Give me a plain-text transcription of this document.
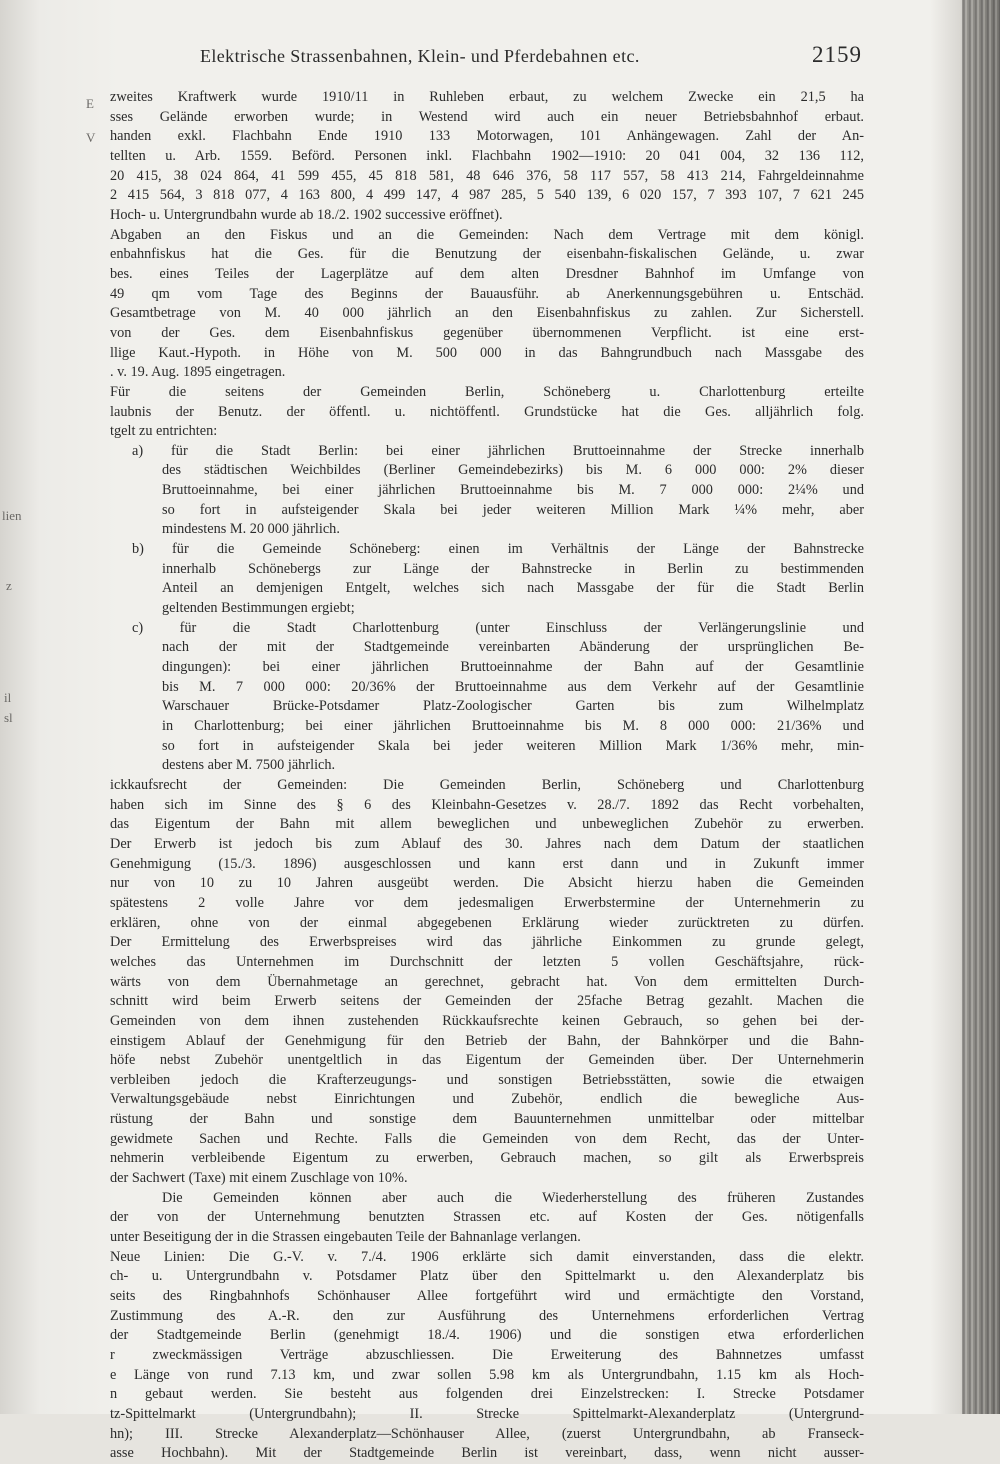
Elektrische Strassenbahnen, Klein- und Pferdebahnen etc.	2159
E
V
lien
z
il
sl

zweites Kraftwerk wurde 1910/11 in Ruhleben erbaut, zu welchem Zwecke ein 21,5 ha

sses Gelände erworben wurde; in Westend wird auch ein neuer Betriebsbahnhof erbaut.

handen exkl. Flachbahn Ende 1910 133 Motorwagen, 101 Anhängewagen. Zahl der An-

tellten u. Arb. 1559. Beförd. Personen inkl. Flachbahn 1902—1910: 20 041 004, 32 136 112,

20 415, 38 024 864, 41 599 455, 45 818 581, 48 646 376, 58 117 557, 58 413 214, Fahrgeldeinnahme

2 415 564, 3 818 077, 4 163 800, 4 499 147, 4 987 285, 5 540 139, 6 020 157, 7 393 107, 7 621 245

Hoch- u. Untergrundbahn wurde ab 18./2. 1902 successive eröffnet).

Abgaben an den Fiskus und an die Gemeinden: Nach dem Vertrage mit dem königl.

enbahnfiskus hat die Ges. für die Benutzung der eisenbahn-fiskalischen Gelände, u. zwar

bes. eines Teiles der Lagerplätze auf dem alten Dresdner Bahnhof im Umfange von

49 qm vom Tage des Beginns der Bauausführ. ab Anerkennungsgebühren u. Entschäd.

Gesamtbetrage von M. 40 000 jährlich an den Eisenbahnfiskus zu zahlen. Zur Sicherstell.

von der Ges. dem Eisenbahnfiskus gegenüber übernommenen Verpflicht. ist eine erst-

llige Kaut.-Hypoth. in Höhe von M. 500 000 in das Bahngrundbuch nach Massgabe des

. v. 19. Aug. 1895 eingetragen.

Für die seitens der Gemeinden Berlin, Schöneberg u. Charlottenburg erteilte

laubnis der Benutz. der öffentl. u. nichtöffentl. Grundstücke hat die Ges. alljährlich folg.

tgelt zu entrichten:

a) für die Stadt Berlin: bei einer jährlichen Bruttoeinnahme der Strecke innerhalb

des städtischen Weichbildes (Berliner Gemeindebezirks) bis M. 6 000 000: 2% dieser

Bruttoeinnahme, bei einer jährlichen Bruttoeinnahme bis M. 7 000 000: 2¼% und

so fort in aufsteigender Skala bei jeder weiteren Million Mark ¼% mehr, aber

mindestens M. 20 000 jährlich.

b) für die Gemeinde Schöneberg: einen im Verhältnis der Länge der Bahnstrecke

innerhalb Schönebergs zur Länge der Bahnstrecke in Berlin zu bestimmenden

Anteil an demjenigen Entgelt, welches sich nach Massgabe der für die Stadt Berlin

geltenden Bestimmungen ergiebt;

c) für die Stadt Charlottenburg (unter Einschluss der Verlängerungslinie und

nach der mit der Stadtgemeinde vereinbarten Abänderung der ursprünglichen Be-

dingungen): bei einer jährlichen Bruttoeinnahme der Bahn auf der Gesamtlinie

bis M. 7 000 000: 20/36% der Bruttoeinnahme aus dem Verkehr auf der Gesamtlinie

Warschauer Brücke-Potsdamer Platz-Zoologischer Garten bis zum Wilhelmplatz

in Charlottenburg; bei einer jährlichen Bruttoeinnahme bis M. 8 000 000: 21/36% und

so fort in aufsteigender Skala bei jeder weiteren Million Mark 1/36% mehr, min-

destens aber M. 7500 jährlich.

ickkaufsrecht der Gemeinden: Die Gemeinden Berlin, Schöneberg und Charlottenburg

haben sich im Sinne des § 6 des Kleinbahn-Gesetzes v. 28./7. 1892 das Recht vorbehalten,

das Eigentum der Bahn mit allem beweglichen und unbeweglichen Zubehör zu erwerben.

Der Erwerb ist jedoch bis zum Ablauf des 30. Jahres nach dem Datum der staatlichen

Genehmigung (15./3. 1896) ausgeschlossen und kann erst dann und in Zukunft immer

nur von 10 zu 10 Jahren ausgeübt werden. Die Absicht hierzu haben die Gemeinden

spätestens 2 volle Jahre vor dem jedesmaligen Erwerbstermine der Unternehmerin zu

erklären, ohne von der einmal abgegebenen Erklärung wieder zurücktreten zu dürfen.

Der Ermittelung des Erwerbspreises wird das jährliche Einkommen zu grunde gelegt,

welches das Unternehmen im Durchschnitt der letzten 5 vollen Geschäftsjahre, rück-

wärts von dem Übernahmetage an gerechnet, gebracht hat. Von dem ermittelten Durch-

schnitt wird beim Erwerb seitens der Gemeinden der 25fache Betrag gezahlt. Machen die

Gemeinden von dem ihnen zustehenden Rückkaufsrechte keinen Gebrauch, so gehen bei der-

einstigem Ablauf der Genehmigung für den Betrieb der Bahn, der Bahnkörper und die Bahn-

höfe nebst Zubehör unentgeltlich in das Eigentum der Gemeinden über. Der Unternehmerin

verbleiben jedoch die Krafterzeugungs- und sonstigen Betriebsstätten, sowie die etwaigen

Verwaltungsgebäude nebst Einrichtungen und Zubehör, endlich die bewegliche Aus-

rüstung der Bahn und sonstige dem Bauunternehmen unmittelbar oder mittelbar

gewidmete Sachen und Rechte. Falls die Gemeinden von dem Recht, das der Unter-

nehmerin verbleibende Eigentum zu erwerben, Gebrauch machen, so gilt als Erwerbspreis

der Sachwert (Taxe) mit einem Zuschlage von 10%.

Die Gemeinden können aber auch die Wiederherstellung des früheren Zustandes

der von der Unternehmung benutzten Strassen etc. auf Kosten der Ges. nötigenfalls

unter Beseitigung der in die Strassen eingebauten Teile der Bahnanlage verlangen.

Neue Linien: Die G.-V. v. 7./4. 1906 erklärte sich damit einverstanden, dass die elektr.

ch- u. Untergrundbahn v. Potsdamer Platz über den Spittelmarkt u. den Alexanderplatz bis

seits des Ringbahnhofs Schönhauser Allee fortgeführt wird und ermächtigte den Vorstand,

Zustimmung des A.-R. den zur Ausführung des Unternehmens erforderlichen Vertrag

der Stadtgemeinde Berlin (genehmigt 18./4. 1906) und die sonstigen etwa erforderlichen

r zweckmässigen Verträge abzuschliessen. Die Erweiterung des Bahnnetzes umfasst

e Länge von rund 7.13 km, und zwar sollen 5.98 km als Untergrundbahn, 1.15 km als Hoch-

n gebaut werden. Sie besteht aus folgenden drei Einzelstrecken: I. Strecke Potsdamer

tz-Spittelmarkt (Untergrundbahn); II. Strecke Spittelmarkt-Alexanderplatz (Untergrund-

hn); III. Strecke Alexanderplatz—Schönhauser Allee, (zuerst Untergrundbahn, ab Franseck-

asse Hochbahn). Mit der Stadtgemeinde Berlin ist vereinbart, dass, wenn nicht ausser-
